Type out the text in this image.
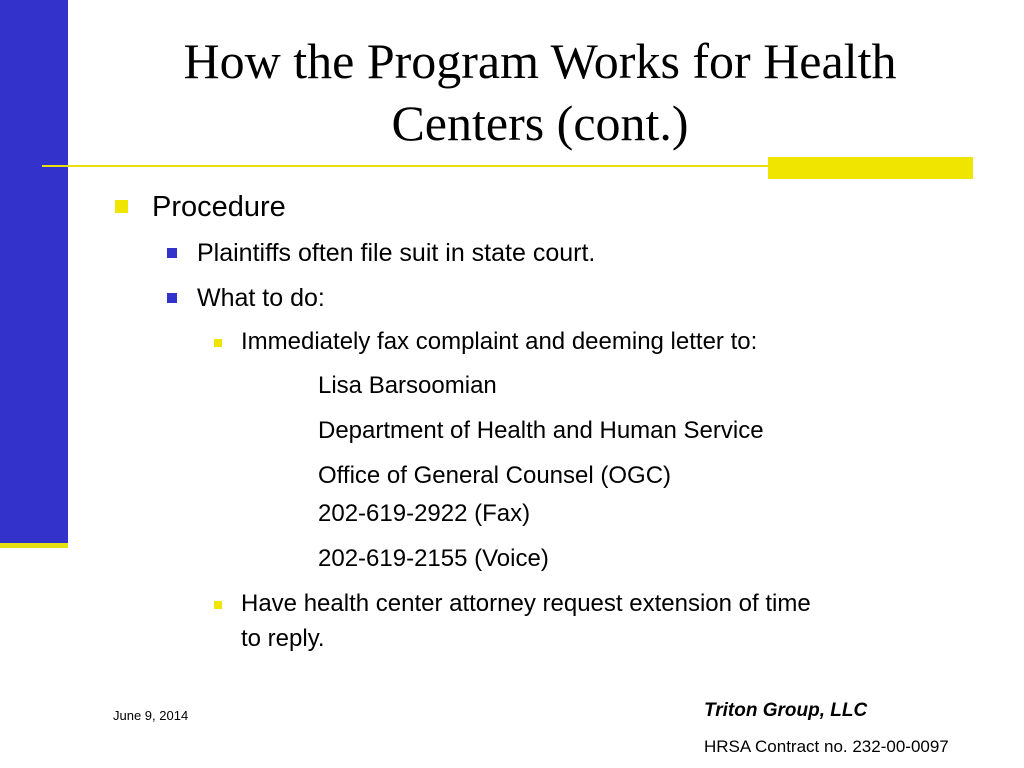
How the Program Works for Health
Centers (cont.)
Procedure
Plaintiffs often file suit in state court.
What to do:
Immediately fax complaint and deeming letter to:
Lisa Barsoomian
Department of Health and Human Service
Office of General Counsel (OGC)
202-619-2922 (Fax)
202-619-2155 (Voice)
Have health center attorney request extension of time
to reply.
June 9, 2014	Triton Group, LLC
HRSA Contract no. 232-00-0097
